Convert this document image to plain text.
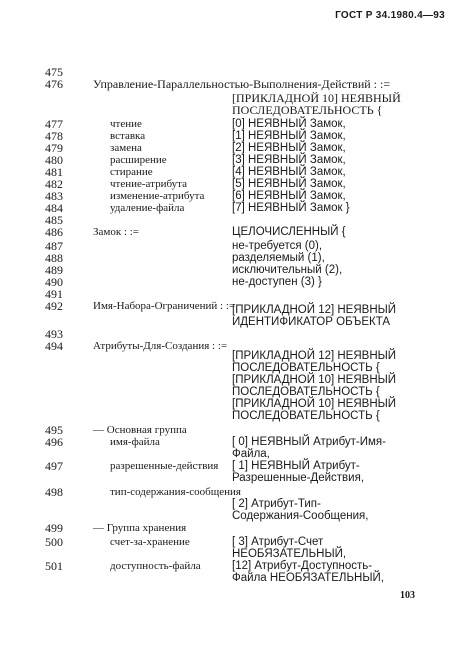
ГОСТ Р 34.1980.4—93
475
476	Управление-Параллельностью-Выполнения-Действий : :=
[ПРИКЛАДНОЙ 10] НЕЯВНЫЙ
ПОСЛЕДОВАТЕЛЬНОСТЬ {
477	чтение	[0] НЕЯВНЫЙ Замок,
478	вставка	[1] НЕЯВНЫЙ Замок,
479	замена	[2] НЕЯВНЫЙ Замок,
480	расширение	[3] НЕЯВНЫЙ Замок,
481	стирание	[4] НЕЯВНЫЙ Замок,
482	чтение-атрибута	[5] НЕЯВНЫЙ Замок,
483	изменение-атрибута [6] НЕЯВНЫЙ Замок,
484	удаление-файла	[7] НЕЯВНЫЙ Замок }
485
486	Замок : :=	ЦЕЛОЧИСЛЕННЫЙ {
487	не-требуется (0),
488	разделяемый (1),
489	исключительный (2),
490	не-доступен (3) }
491
492	Имя-Набора-Ограничений : :=
[ПРИКЛАДНОЙ 12] НЕЯВНЫЙ
ИДЕНТИФИКАТОР ОБЪЕКТА
493
494	Атрибуты-Для-Создания : :=
[ПРИКЛАДНОЙ 12] НЕЯВНЫЙ
ПОСЛЕДОВАТЕЛЬНОСТЬ {
[ПРИКЛАДНОЙ 10] НЕЯВНЫЙ
ПОСЛЕДОВАТЕЛЬНОСТЬ {
[ПРИКЛАДНОЙ 10] НЕЯВНЫЙ
ПОСЛЕДОВАТЕЛЬНОСТЬ {
495	— Основная группа
496	имя-файла	[ 0] НЕЯВНЫЙ Атрибут-Имя-
Файла,
497	разрешенные-действия [ 1] НЕЯВНЫЙ Атрибут-
Разрешенные-Действия,
498	тип-содержания-сообщения
[ 2] Атрибут-Тип-
Содержания-Сообщения,
499	— Группа хранения
500	счет-за-хранение	[ 3] Атрибут-Счет
НЕОБЯЗАТЕЛЬНЫЙ,
501	доступность-файла	[12] Атрибут-Доступность-
Файла НЕОБЯЗАТЕЛЬНЫЙ,
103
